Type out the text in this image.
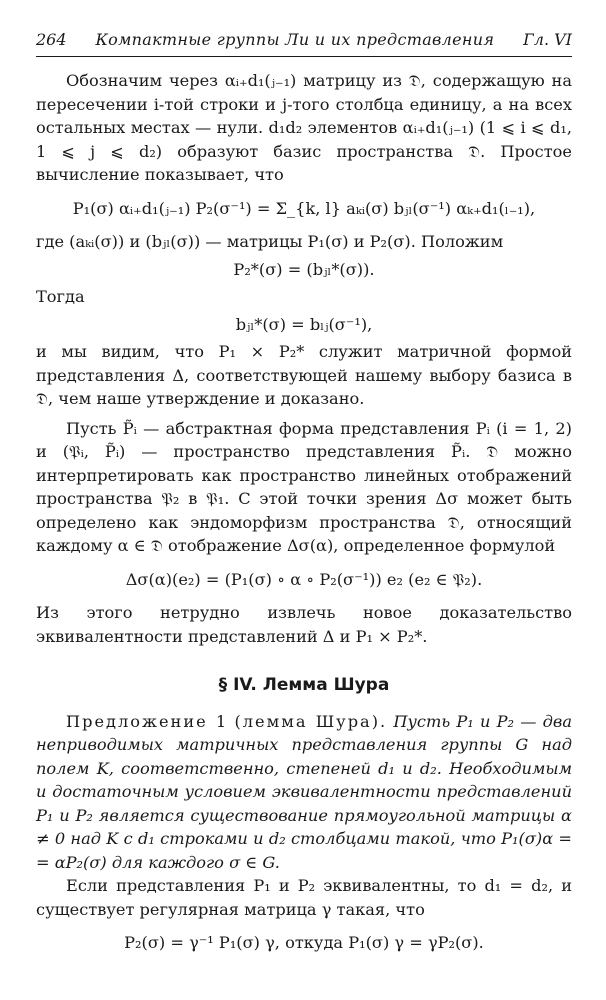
264 Компактные группы Ли и их представления Гл. VI

Обозначим через αᵢ₊d₁(ⱼ₋₁) матрицу из 𝔇, содержащую на пересечении i-той строки и j-того столбца единицу, а на всех остальных местах — нули. d₁d₂ элементов αᵢ₊d₁(ⱼ₋₁) (1 ⩽ i ⩽ d₁, 1 ⩽ j ⩽ d₂) образуют базис пространства 𝔇. Простое вычисление показывает, что

P₁(σ) αᵢ₊d₁(ⱼ₋₁) P₂(σ⁻¹) = Σ_{k, l} aₖᵢ(σ) bⱼₗ(σ⁻¹) αₖ₊d₁(ₗ₋₁),

где (aₖᵢ(σ)) и (bⱼₗ(σ)) — матрицы P₁(σ) и P₂(σ). Положим

P₂*(σ) = (bⱼₗ*(σ)).

Тогда

bⱼₗ*(σ) = bₗⱼ(σ⁻¹),

и мы видим, что P₁ × P₂* служит матричной формой представления Δ, соответствующей нашему выбору базиса в 𝔇, чем наше утверждение и доказано.

Пусть P̃ᵢ — абстрактная форма представления Pᵢ (i = 1, 2) и (𝔓ᵢ, P̃ᵢ) — пространство представления P̃ᵢ. 𝔇 можно интерпретировать как пространство линейных отображений пространства 𝔓₂ в 𝔓₁. С этой точки зрения Δσ может быть определено как эндоморфизм пространства 𝔇, относящий каждому α ∈ 𝔇 отображение Δσ(α), определенное формулой

Δσ(α)(e₂) = (P₁(σ) ∘ α ∘ P₂(σ⁻¹)) e₂ (e₂ ∈ 𝔓₂).

Из этого нетрудно извлечь новое доказательство эквивалентности представлений Δ и P₁ × P₂*.

§ IV. Лемма Шура

Предложение 1 (лемма Шура). Пусть P₁ и P₂ — два неприводимых матричных представления группы G над полем K, соответственно, степеней d₁ и d₂. Необходимым и достаточным условием эквивалентности представлений P₁ и P₂ является существование прямоугольной матрицы α ≠ 0 над K с d₁ строками и d₂ столбцами такой, что P₁(σ)α = = αP₂(σ) для каждого σ ∈ G.

Если представления P₁ и P₂ эквивалентны, то d₁ = d₂, и существует регулярная матрица γ такая, что

P₂(σ) = γ⁻¹ P₁(σ) γ, откуда P₁(σ) γ = γP₂(σ).
